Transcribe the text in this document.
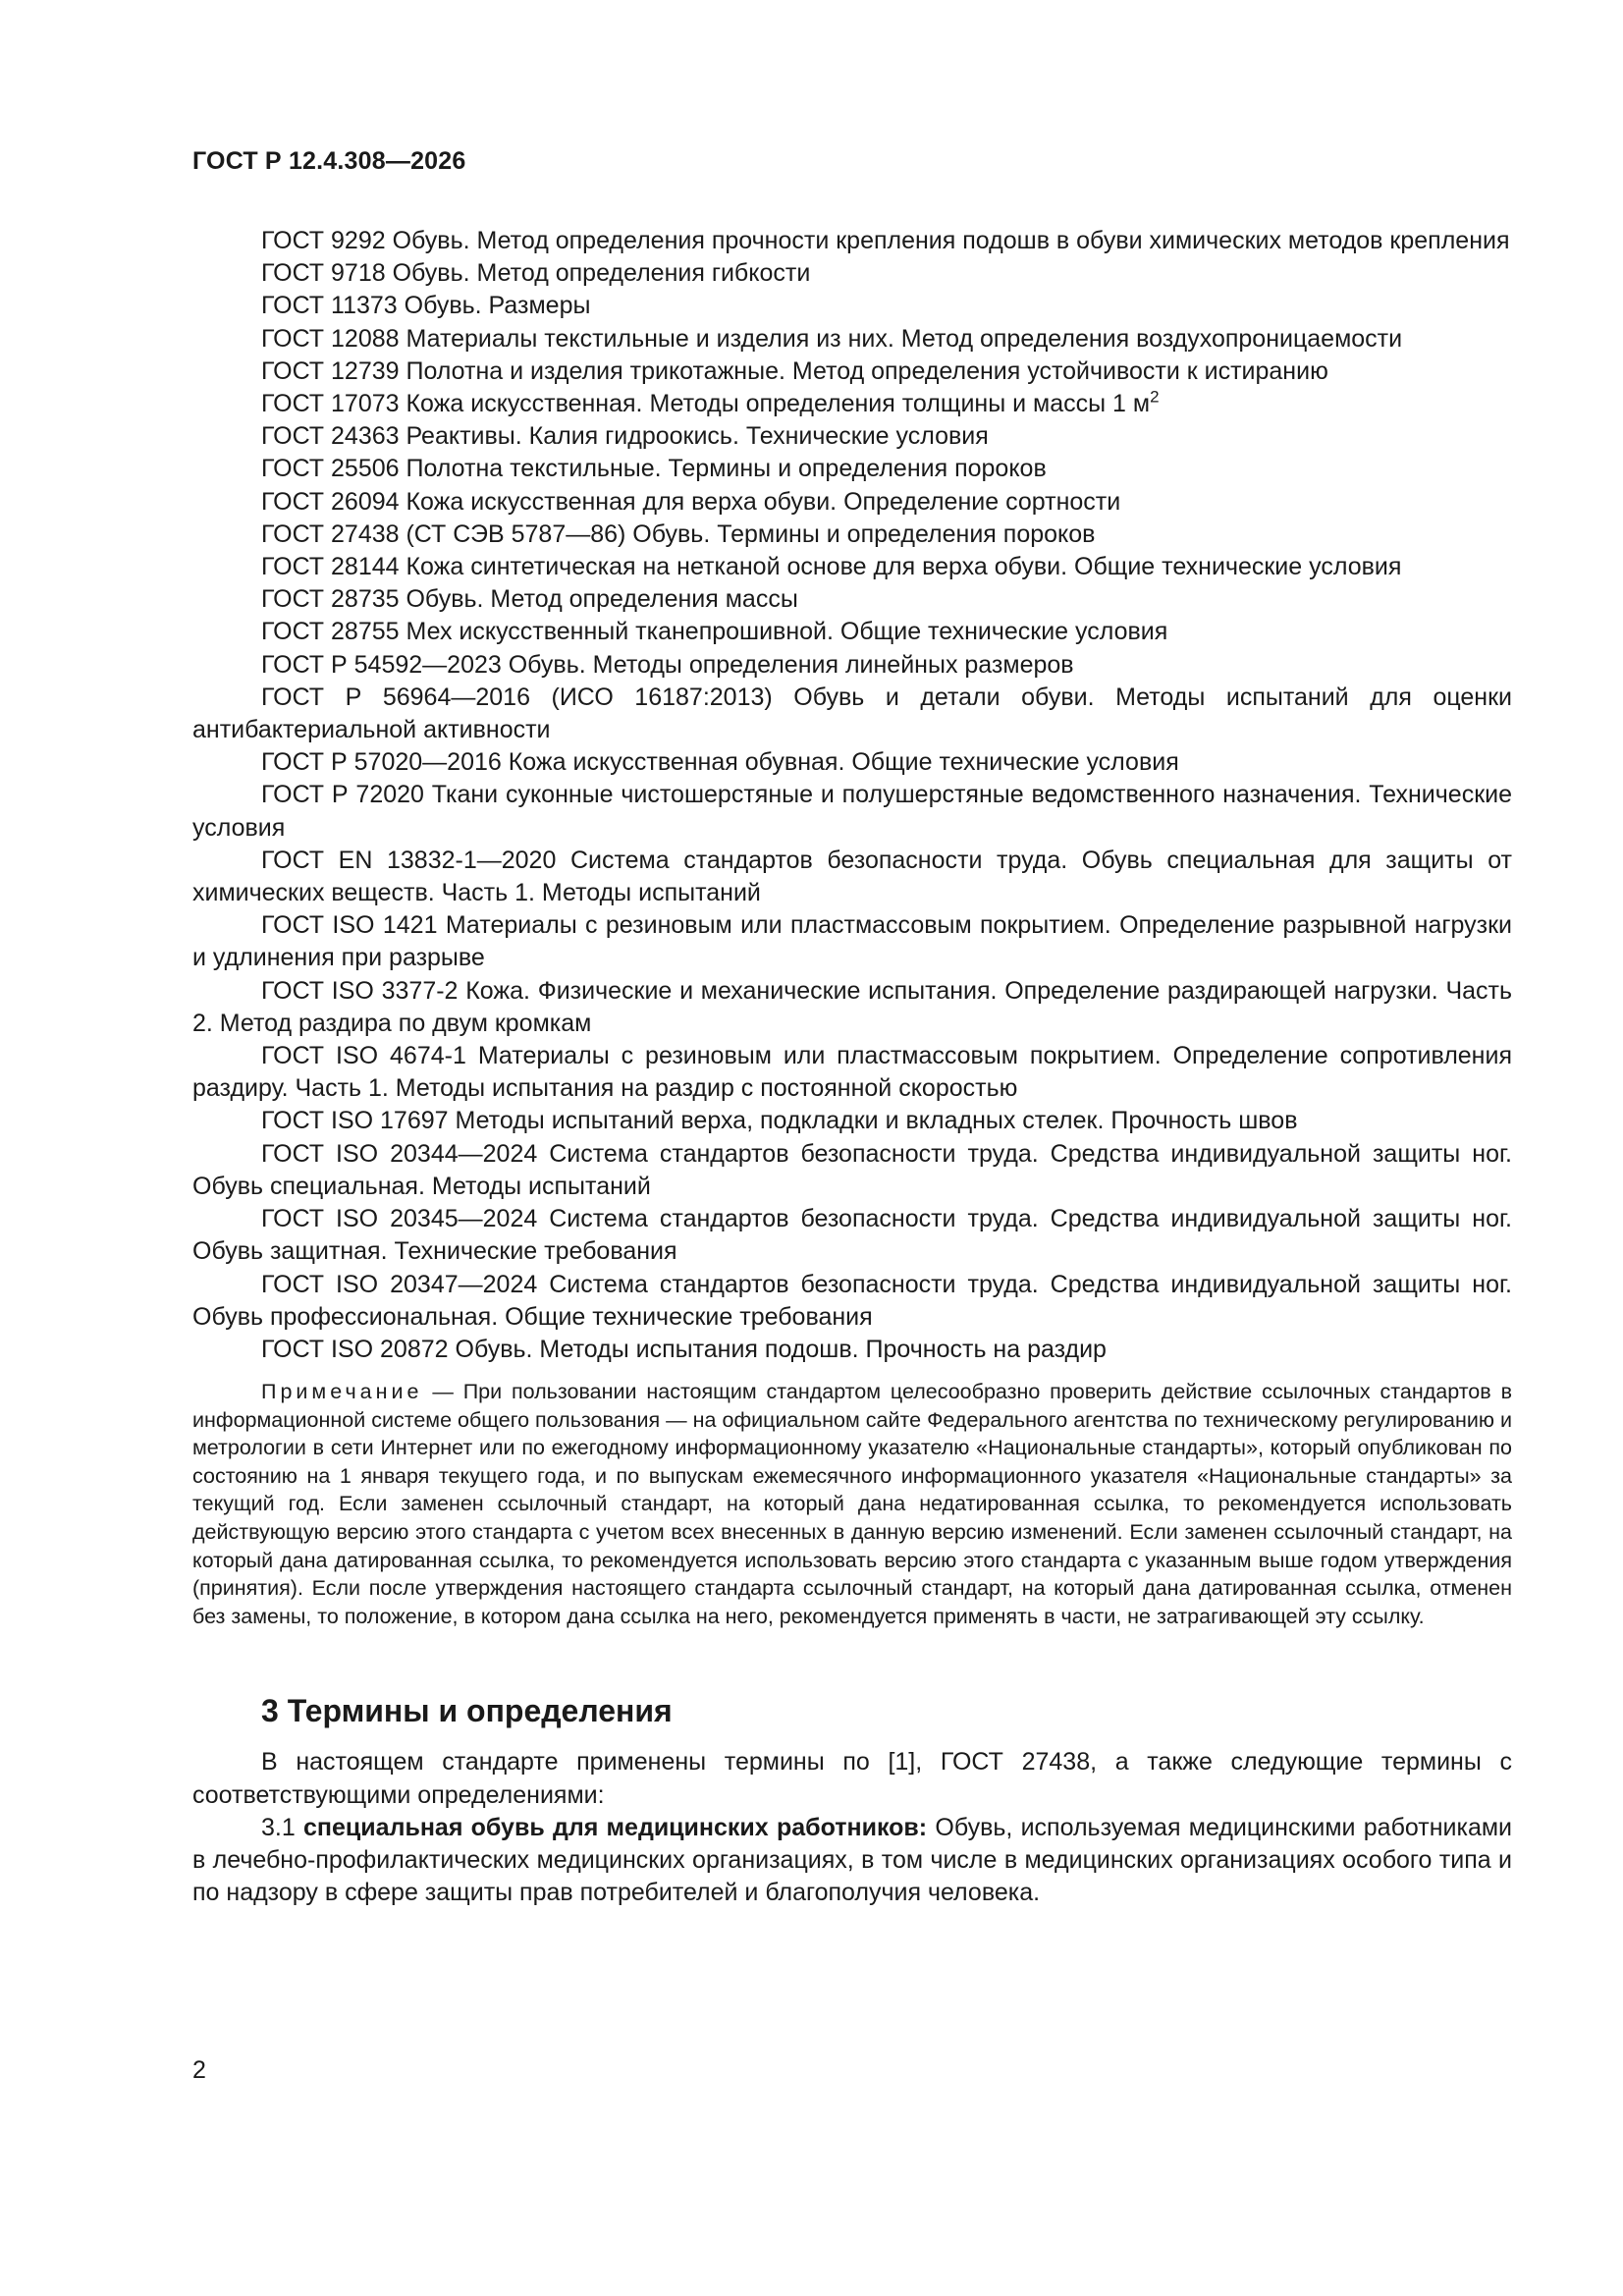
ГОСТ Р 12.4.308—2026

ГОСТ 9292 Обувь. Метод определения прочности крепления подошв в обуви химических методов крепления

ГОСТ 9718 Обувь. Метод определения гибкости

ГОСТ 11373 Обувь. Размеры

ГОСТ 12088 Материалы текстильные и изделия из них. Метод определения воздухопроницаемости

ГОСТ 12739 Полотна и изделия трикотажные. Метод определения устойчивости к истиранию

ГОСТ 17073 Кожа искусственная. Методы определения толщины и массы 1 $м^2$

ГОСТ 24363 Реактивы. Калия гидроокись. Технические условия

ГОСТ 25506 Полотна текстильные. Термины и определения пороков

ГОСТ 26094 Кожа искусственная для верха обуви. Определение сортности

ГОСТ 27438 (СТ СЭВ 5787—86) Обувь. Термины и определения пороков

ГОСТ 28144 Кожа синтетическая на нетканой основе для верха обуви. Общие технические условия

ГОСТ 28735 Обувь. Метод определения массы

ГОСТ 28755 Мех искусственный тканепрошивной. Общие технические условия

ГОСТ Р 54592—2023 Обувь. Методы определения линейных размеров

ГОСТ Р 56964—2016 (ИСО 16187:2013) Обувь и детали обуви. Методы испытаний для оценки антибактериальной активности

ГОСТ Р 57020—2016 Кожа искусственная обувная. Общие технические условия

ГОСТ Р 72020 Ткани суконные чистошерстяные и полушерстяные ведомственного назначения. Технические условия

ГОСТ EN 13832-1—2020 Система стандартов безопасности труда. Обувь специальная для защиты от химических веществ. Часть 1. Методы испытаний

ГОСТ ISO 1421 Материалы с резиновым или пластмассовым покрытием. Определение разрывной нагрузки и удлинения при разрыве

ГОСТ ISO 3377-2 Кожа. Физические и механические испытания. Определение раздирающей нагрузки. Часть 2. Метод раздира по двум кромкам

ГОСТ ISO 4674-1 Материалы с резиновым или пластмассовым покрытием. Определение сопротивления раздиру. Часть 1. Методы испытания на раздир с постоянной скоростью

ГОСТ ISO 17697 Методы испытаний верха, подкладки и вкладных стелек. Прочность швов

ГОСТ ISO 20344—2024 Система стандартов безопасности труда. Средства индивидуальной защиты ног. Обувь специальная. Методы испытаний

ГОСТ ISO 20345—2024 Система стандартов безопасности труда. Средства индивидуальной защиты ног. Обувь защитная. Технические требования

ГОСТ ISO 20347—2024 Система стандартов безопасности труда. Средства индивидуальной защиты ног. Обувь профессиональная. Общие технические требования

ГОСТ ISO 20872 Обувь. Методы испытания подошв. Прочность на раздир

Примечание — При пользовании настоящим стандартом целесообразно проверить действие ссылочных стандартов в информационной системе общего пользования — на официальном сайте Федерального агентства по техническому регулированию и метрологии в сети Интернет или по ежегодному информационному указателю «Национальные стандарты», который опубликован по состоянию на 1 января текущего года, и по выпускам ежемесячного информационного указателя «Национальные стандарты» за текущий год. Если заменен ссылочный стандарт, на который дана недатированная ссылка, то рекомендуется использовать действующую версию этого стандарта с учетом всех внесенных в данную версию изменений. Если заменен ссылочный стандарт, на который дана датированная ссылка, то рекомендуется использовать версию этого стандарта с указанным выше годом утверждения (принятия). Если после утверждения настоящего стандарта ссылочный стандарт, на который дана датированная ссылка, отменен без замены, то положение, в котором дана ссылка на него, рекомендуется применять в части, не затрагивающей эту ссылку.

3 Термины и определения

В настоящем стандарте применены термины по [1], ГОСТ 27438, а также следующие термины с соответствующими определениями:

3.1 специальная обувь для медицинских работников: Обувь, используемая медицинскими работниками в лечебно-профилактических медицинских организациях, в том числе в медицинских организациях особого типа и по надзору в сфере защиты прав потребителей и благополучия человека.

2
